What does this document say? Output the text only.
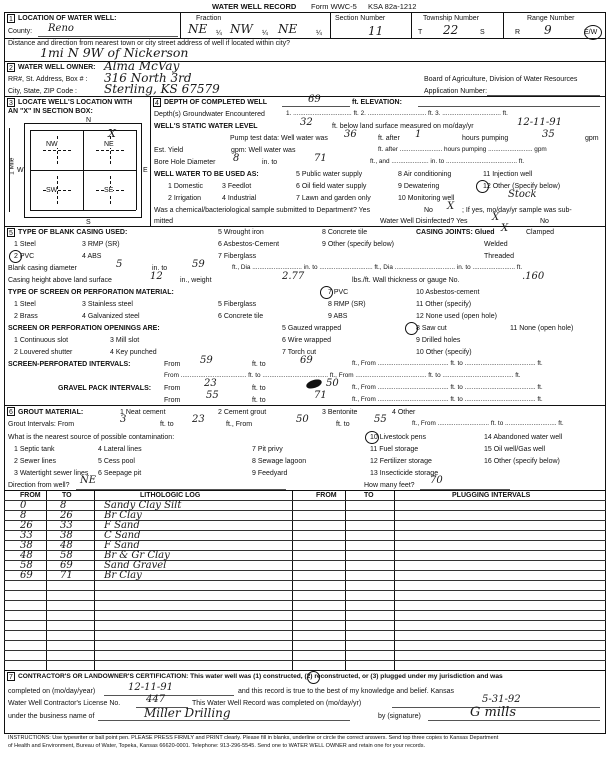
WATER WELL RECORD Form WWC-5 KSA 82a-1212
1 LOCATION OF WATER WELL:
County: Reno
Fraction
NE ¼ NW ¼ NE	¼
Section Number
11
Township Number
T 22	S
Range Number
R 9	E/W
Distance and direction from nearest town or city street address of well if located within city?
1mi N 9W of Nickerson
2 WATER WELL OWNER: Alma McVay
RR#, St. Address, Box # : 316 North 3rd	Board of Agriculture, Division of Water Resources
City, State, ZIP Code : Sterling, KS 67579	Application Number:
3 LOCATE WELL'S LOCATION WITH
AN "X" IN SECTION BOX:
N
S
E
W
1 Mile
NW	NE
SW	SE
X
4 DEPTH OF COMPLETED WELL	69	ft. ELEVATION:
Depth(s) Groundwater Encountered	1. ................................. ft. 2. ................................. ft. 3. ................................. ft.
WELL'S STATIC WATER LEVEL	32	ft. below land surface measured on mo/day/yr	12-11-91
Pump test data: Well water was 36	ft. after 1	hours pumping	35	gpm
Est. Yield	gpm: Well water was	ft. after ........................ hours pumping ......................... gpm
Bore Hole Diameter 8	in. to	71	ft., and ..................... in. to ........................................ ft.
WELL WATER TO BE USED AS:	5 Public water supply	8 Air conditioning	11 Injection well
1 Domestic	3 Feedlot	6 Oil field water supply	9 Dewatering	12 Other (Specify below)
2 Irrigation	4 Industrial	7 Lawn and garden only	10 Monitoring well	Stock
Was a chemical/bacteriological sample submitted to Department? Yes	No X ; If yes, mo/day/yr sample was sub-
mitted	Water Well Disinfected? Yes X	No
5 TYPE OF BLANK CASING USED:	5 Wrought iron	8 Concrete tile	CASING JOINTS: Glued X	Clamped
1 Steel	3 RMP (SR)	6 Asbestos-Cement	9 Other (specify below)	Welded
2 PVC	4 ABS	7 Fiberglass	Threaded
Blank casing diameter	5	in. to 59	ft., Dia ............................ in. to .............................. ft., Dia .................................. in. to ........................ ft.
Casing height above land surface	12 in., weight	2.77	lbs./ft. Wall thickness or gauge No.	.160
TYPE OF SCREEN OR PERFORATION MATERIAL:	7 PVC	10 Asbestos-cement
1 Steel	3 Stainless steel	5 Fiberglass	8 RMP (SR)	11 Other (specify)
2 Brass	4 Galvanized steel	6 Concrete tile	9 ABS	12 None used (open hole)
SCREEN OR PERFORATION OPENINGS ARE:	5 Gauzed wrapped	8 Saw cut	11 None (open hole)
1 Continuous slot	3 Mill slot	6 Wire wrapped	9 Drilled holes
2 Louvered shutter	4 Key punched	7 Torch cut	10 Other (specify)
SCREEN-PERFORATED INTERVALS:	From 59	ft. to	69	ft., From ........................................ ft. to ........................................ ft.
From ..................................... ft. to ..................................... ft., From ........................................ ft. to ........................................ ft.
GRAVEL PACK INTERVALS: From 23	ft. to	50 ft., From ........................................ ft. to ........................................ ft.
From	55	ft. to	71	ft., From ........................................ ft. to ........................................ ft.
6 GROUT MATERIAL:	1 Neat cement	2 Cement grout	3 Bentonite	4 Other
Grout Intervals: From	3	ft. to 23	ft., From	50	ft. to 55	ft., From ............................. ft. to ............................. ft.
What is the nearest source of possible contamination:	10 Livestock pens	14 Abandoned water well
1 Septic tank	4 Lateral lines	7 Pit privy	11 Fuel storage	15 Oil well/Gas well
2 Sewer lines	5 Cess pool	8 Sewage lagoon	12 Fertilizer storage	16 Other (specify below)
3 Watertight sewer lines 6 Seepage pit	9 Feedyard	13 Insecticide storage
Direction from well? NE	How many feet? 70
FROM	TO	LITHOLOGIC LOG	FROM	TO	PLUGGING INTERVALS
0	8	Sandy Clay Silt
8	26	Br Clay
26	33	F Sand
33	38	C Sand
38	48	F Sand
48	58	Br & Gr Clay
58	69	Sand Gravel
69	71	Br Clay
7 CONTRACTOR'S OR LANDOWNER'S CERTIFICATION: This water well was (1) constructed, (2) reconstructed, or (3) plugged under my jurisdiction and was
completed on (mo/day/year)	12-11-91	and this record is true to the best of my knowledge and belief. Kansas
Water Well Contractor's License No.	447	This Water Well Record was completed on (mo/day/yr)	5-31-92
under the business name of	Miller Drilling	by (signature)	G mills
INSTRUCTIONS: Use typewriter or ball point pen. PLEASE PRESS FIRMLY and PRINT clearly. Please fill in blanks, underline or circle the correct answers. Send top three copies to Kansas Department
of Health and Environment, Bureau of Water, Topeka, Kansas 66620-0001. Telephone: 913-296-5545. Send one to WATER WELL OWNER and retain one for your records.
